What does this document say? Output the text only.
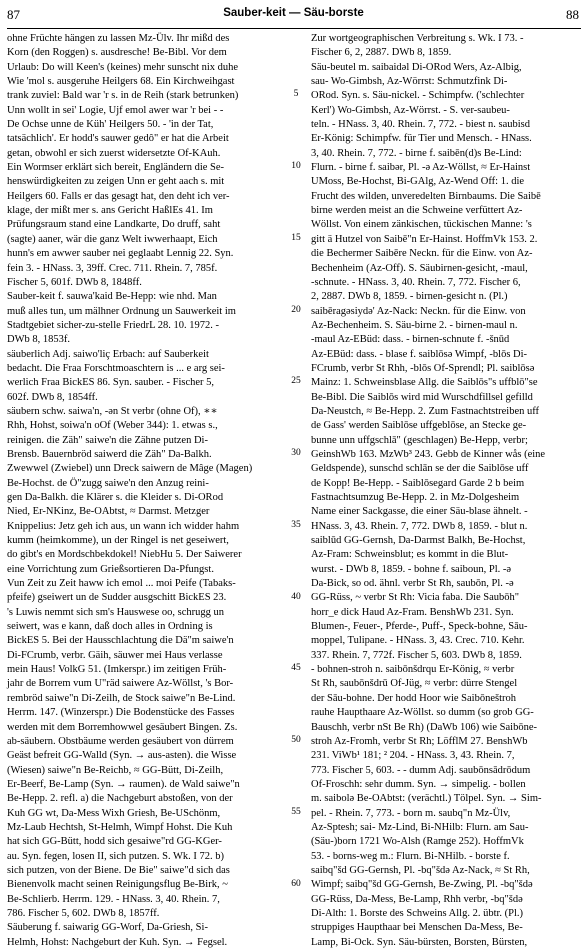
87	Sauber-keit — Säu-borste	88
ohne Früchte hängen zu lassen Mz-Ülv. Ihr mißd des
Korn (den Roggen) s. ausdresche! Be-Bibl. Vor dem
Urlaub: Do will Keen's (keines) mehr sunscht nix duhe
Wie 'mol s. ausgeruhe Heilgers 68. Ein Kirchweihgast
trank zuviel: Bald war 'r s. in de Reih (stark betrunken)
Unn wollt in sei' Logie, Ujf emol awer war 'r bei - -
De Ochse unne de Küh' Heilgers 50. - 'in der Tat,
tatsächlich'. Er hodd's sauwer gedô" er hat die Arbeit
getan, obwohl er sich zuerst widersetzte Of-KAuh.
Ein Wormser erklärt sich bereit, Engländern die Se-
henswürdigkeiten zu zeigen Unn er geht aach s. mit
Heilgers 60. Falls er das gesagt hat, den deht ich ver-
klage, der mißt mer s. ans Gericht HaßlEs 41. Im
Prüfungsraum stand eine Landkarte, Do druff, saht
(sagte) aaner, wär die ganz Welt iwwerhaapt, Eich
hunn's em awwer sauber nei geglaabt Lennig 22. Syn.
fein 3. - HNass. 3, 39ff. Crec. 711. Rhein. 7, 785f.
Fischer 5, 601f. DWb 8, 1848ff.
Sauber-keit f. sauwa'kaid Be-Hepp: wie nhd. Man
muß alles tun, um mälhner Ordnung un Sauwerkeit im
Stadtgebiet sicher-zu-stelle FriedrL 28. 10. 1972. -
DWb 8, 1853f.
säuberlich Adj. saiwo'liç Erbach: auf Sauberkeit
bedacht. Die Fraa Forschtmoaschtern is ... e arg sei-
werlich Fraa BickES 86. Syn. sauber. - Fischer 5,
602f. DWb 8, 1854ff.
säubern schw. saiwa'n, -ən St verbr (ohne Of), ∗∗
Rhh, Hohst, soiwa'n oOf (Weber 344): 1. etwas s.,
reinigen. die Zäh" saiwe'n die Zähne putzen Di-
Brensb. Bauernbröd saiwerd die Zäh" Da-Balkh.
Zwewwel (Zwiebel) unn Dreck saiwern de Mâge (Magen)
Be-Hochst. de Ö"zugg saiwe'n den Anzug reini-
gen Da-Balkh. die Klärer s. die Kleider s. Di-ORod
Nied, Er-NKinz, Be-OAbtst, ≈ Darmst. Metzger
Knippelius: Jetz geh ich aus, un wann ich widder hahm
kumm (heimkomme), un der Ringel is net geseiwert,
do gibt's en Mordschbekdokel! NiebHu 5. Der Saiwerer
eine Vorrichtung zum Grießsortieren Da-Pfungst.
Vun Zeit zu Zeit haww ich emol ... moi Peife (Tabaks-
pfeife) gseiwert un de Sudder ausgschitt BickES 23.
's Luwis nemmt sich sm's Hauswese oo, schrugg un
seiwert, was e kann, daß doch alles in Ordning is
BickES 5. Bei der Hausschlachtung die Dä"m saiwe'n
Di-FCrumb, verbr. Gäih, säuwer mei Haus verlasse
mein Haus! VolkG 51. (Imkerspr.) im zeitigen Früh-
jahr de Borrem vum U"räd saiwere Az-Wöllst, 's Bor-
rembröd saiwe"n Di-Zeilh, de Stock saiwe"n Be-Lind.
Herrm. 147. (Winzerspr.) Die Bodenstücke des Fasses
werden mit dem Borremhowwel gesäubert Bingen. Zs.
ab-säubern. Obstbäume werden gesäubert von dürrem
Geäst befreit GG-Walld (Syn. → aus-asten). die Wisse
(Wiesen) saiwe"n Be-Reichb, ≈ GG-Bütt, Di-Zeilh,
Er-Beerf, Be-Lamp (Syn. → raumen). de Wald saiwe"n
Be-Hepp. 2. refl. a) die Nachgeburt abstoßen, von der
Kuh GG wt, Da-Mess Wixh Griesh, Be-USchönm,
Mz-Laub Hechtsh, St-Helmh, Wimpf Hohst. Die Kuh
hat sich GG-Bütt, hodd sich gesaiwe"rd GG-KGer-
au. Syn. fegen, losen II, sich putzen. S. Wk. I 72. b)
sich putzen, von der Biene. De Bie" saiwe"d sich das
Bienenvolk macht seinen Reinigungsflug Be-Birk, ~
Be-Schlierb. Herrm. 129. - HNass. 3, 40. Rhein. 7,
786. Fischer 5, 602. DWb 8, 1857ff.
Säuberung f. saiwarig GG-Worf, Da-Griesh, Si-
Helmh, Hohst: Nachgeburt der Kuh. Syn. → Fegsel.
5
10
15
20
25
30
35
40
45
50
55
60
Zur wortgeographischen Verbreitung s. Wk. I 73. -
Fischer 6, 2, 2887. DWb 8, 1859.
Säu-beutel m. saibaidəl Di-ORod Wers, Az-Albig,
sau- Wo-Gimbsh, Az-Wörrst: Schmutzfink Di-
ORod. Syn. s. Säu-nickel. - Schimpfw. ('schlechter
Kerl') Wo-Gimbsh, Az-Wörrst. - S. ver-saubeu-
teln. - HNass. 3, 40. Rhein. 7, 772. - biest n. saubisd
Er-König: Schimpfw. für Tier und Mensch. - HNass.
3, 40. Rhein. 7, 772. - birne f. saibēn(d)s Be-Lind:
Flurn. - birne f. saibər, Pl. -ə Az-Wöllst, ≈ Er-Hainst
UMoss, Be-Hochst, Bi-GAlg, Az-Wend Off: 1. die
Frucht des wilden, unveredelten Birnbaums. Die Saibē
birne werden meist an die Schweine verfüttert Az-
Wöllst. Von einem zänkischen, tückischen Manne: 's
gitt ä Hutzel von Saibē"n Er-Hainst. HoffmVk 153. 2.
die Bechermer Saibēre Neckn. für die Einw. von Az-
Bechenheim (Az-Off). S. Säubirnen-gesicht, -maul,
-schnute. - HNass. 3, 40. Rhein. 7, 772. Fischer 6,
2, 2887. DWb 8, 1859. - birnen-gesicht n. (Pl.)
saibēragəsiydə' Az-Nack: Neckn. für die Einw. von
Az-Bechenheim. S. Säu-birne 2. - birnen-maul n.
-maul Az-EBüd: dass. - birnen-schnute f. -šnūd
Az-EBüd: dass. - blase f. saiblōsə Wimpf, -blōs Di-
FCrumb, verbr St Rhh, -blōs Of-Sprendl; Pl. saiblōsə
Mainz: 1. Schweinsblase Allg. die Saiblōs"s uffblō"se
Be-Bibl. Die Saiblōs wird mid Wurschdfillsel gefilld
Da-Neustch, ≈ Be-Hepp. 2. Zum Fastnachtstreiben uff
de Gass' werden Saiblōse uffgeblōse, an Stecke ge-
bunne unn uffgschlā" (geschlagen) Be-Hepp, verbr;
GeinshWb 163. MzWb³ 243. Gebb de Kinner wås (eine
Geldspende), sunschd schlān se der die Saiblōse uff
de Kopp! Be-Hepp. - Saiblōsegard Garde 2 b beim
Fastnachtsumzug Be-Hepp. 2. in Mz-Dolgesheim
Name einer Sackgasse, die einer Säu-blase ähnelt. -
HNass. 3, 43. Rhein. 7, 772. DWb 8, 1859. - blut n.
saiblūd GG-Gernsh, Da-Darmst Balkh, Be-Hochst,
Az-Fram: Schweinsblut; es kommt in die Blut-
wurst. - DWb 8, 1859. - bohne f. saiboun, Pl. -ə
Da-Bick, so od. ähnl. verbr St Rh, saubōn, Pl. -ə
GG-Rüss, ~ verbr St Rh: Vicia faba. Die Saubōh"
horr_e dick Haud Az-Fram. BenshWb 231. Syn.
Blumen-, Feuer-, Pferde-, Puff-, Speck-bohne, Sāu-
moppel, Tulipane. - HNass. 3, 43. Crec. 710. Kehr.
337. Rhein. 7, 772f. Fischer 5, 603. DWb 8, 1859.
- bohnen-stroh n. saibōnšdrqu Er-König, ≈ verbr
St Rh, saubōnšdrū Of-Jüg, ≈ verbr: dürre Stengel
der Sāu-bohne. Der hodd Hoor wie Saibōneštroh
rauhe Haupthaare Az-Wöllst. so dumm (so grob GG-
Bauschh, verbr nSt Be Rh) (DaWb 106) wie Saibōne-
stroh Az-Fromh, verbr St Rh; LöfflM 27. BenshWb
231. ViWb¹ 181; ² 204. - HNass. 3, 43. Rhein. 7,
773. Fischer 5, 603. - - dumm Adj. saubōnsādrōdum
Of-Froschh: sehr dumm. Syn. → simpelig. - bollen
m. saibolə Be-OAbtst: (verächtl.) Tölpel. Syn. → Sim-
pel. - Rhein. 7, 773. - born m. saubq"n Mz-Ülv,
Az-Sptesh; sai- Mz-Lind, Bi-NHilb: Flurn. am Sau-
(Säu-)born 1721 Wo-Alsh (Ramge 252). HoffmVk
53. - borns-weg m.: Flurn. Bi-NHilb. - borste f.
saibq"šd GG-Gernsh, Pl. -bq"šdə Az-Nack, ≈ St Rh,
Wimpf; saibq"šd GG-Gernsh, Be-Zwing, Pl. -bq"šdə
GG-Rüss, Da-Mess, Be-Lamp, Rhh verbr, -bq"šdə
Di-Alth: 1. Borste des Schweins Allg. 2. übtr. (Pl.)
struppiges Haupthaar bei Menschen Da-Mess, Be-
Lamp, Bi-Ock. Syn. Säu-bürsten, Borsten, Bürsten,
